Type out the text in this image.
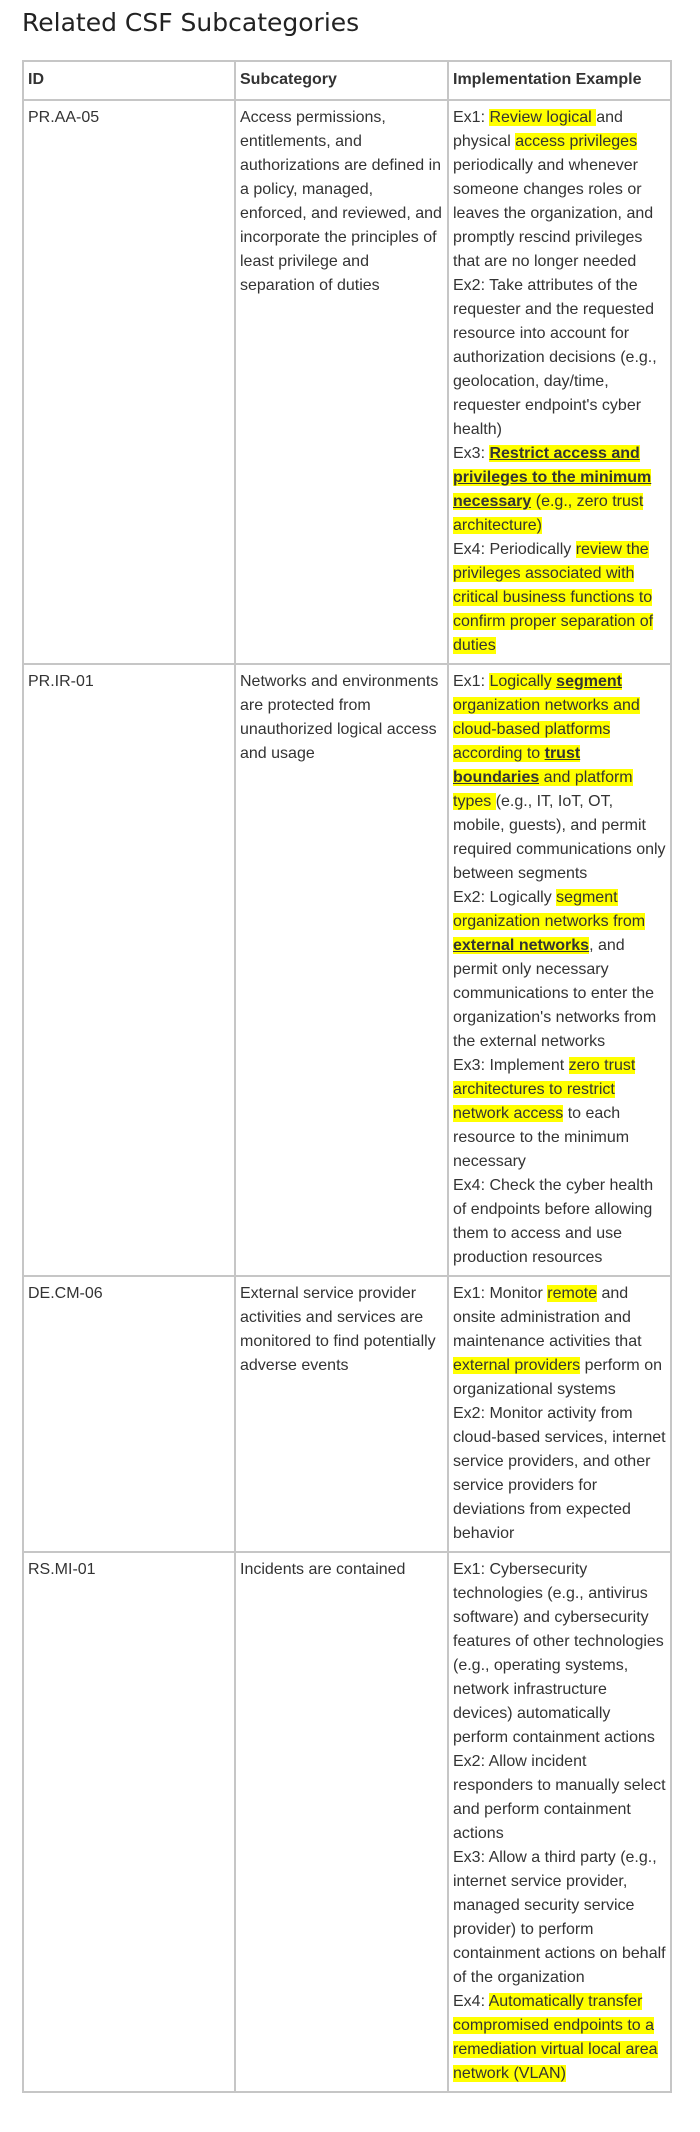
Related CSF Subcategories
ID	Subcategory	Implementation Example
PR.AA-05	Access permissions, entitlements, and authorizations are defined in a policy, managed, enforced, and reviewed, and incorporate the principles of least privilege and separation of duties	Ex1: Review logical and physical access privileges periodically and whenever someone changes roles or leaves the organization, and promptly rescind privileges that are no longer needed
Ex2: Take attributes of the requester and the requested resource into account for authorization decisions (e.g., geolocation, day/time, requester endpoint's cyber health)
Ex3: Restrict access and privileges to the minimum necessary (e.g., zero trust architecture)
Ex4: Periodically review the privileges associated with critical business functions to confirm proper separation of duties

PR.IR-01	Networks and environments are protected from unauthorized logical access and usage	Ex1: Logically segment organization networks and cloud-based platforms according to trust boundaries and platform types (e.g., IT, IoT, OT, mobile, guests), and permit required communications only between segments
Ex2: Logically segment organization networks from external networks, and permit only necessary communications to enter the organization's networks from the external networks
Ex3: Implement zero trust architectures to restrict network access to each resource to the minimum necessary
Ex4: Check the cyber health of endpoints before allowing them to access and use production resources

DE.CM-06	External service provider activities and services are monitored to find potentially adverse events	Ex1: Monitor remote and onsite administration and maintenance activities that external providers perform on organizational systems
Ex2: Monitor activity from cloud-based services, internet service providers, and other service providers for deviations from expected behavior

RS.MI-01	Incidents are contained	Ex1: Cybersecurity technologies (e.g., antivirus software) and cybersecurity features of other technologies (e.g., operating systems, network infrastructure devices) automatically perform containment actions
Ex2: Allow incident responders to manually select and perform containment actions
Ex3: Allow a third party (e.g., internet service provider, managed security service provider) to perform containment actions on behalf of the organization
Ex4: Automatically transfer compromised endpoints to a remediation virtual local area network (VLAN)
